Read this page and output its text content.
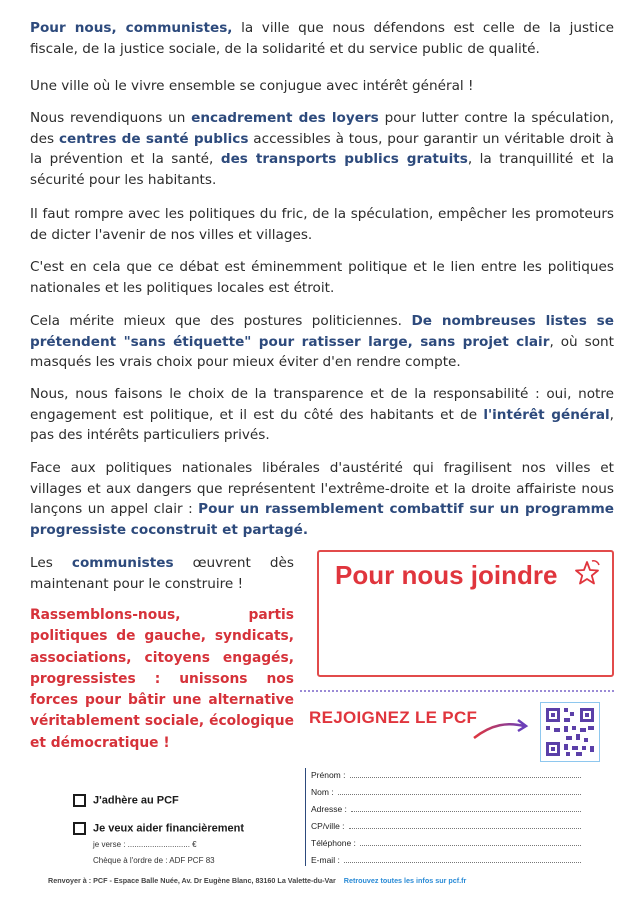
Pour nous, communistes, la ville que nous défendons est celle de la justice fiscale, de la justice sociale, de la solidarité et du service public de qualité.

Une ville où le vivre ensemble se conjugue avec intérêt général !

Nous revendiquons un encadrement des loyers pour lutter contre la spéculation, des centres de santé publics accessibles à tous, pour garantir un véritable droit à la prévention et la santé, des transports publics gratuits, la tranquillité et la sécurité pour les habitants.

Il faut rompre avec les politiques du fric, de la spéculation, empêcher les promoteurs de dicter l'avenir de nos villes et villages.

C'est en cela que ce débat est éminemment politique et le lien entre les politiques nationales et les politiques locales est étroit.

Cela mérite mieux que des postures politiciennes. De nombreuses listes se prétendent "sans étiquette" pour ratisser large, sans projet clair, où sont masqués les vrais choix pour mieux éviter d'en rendre compte.

Nous, nous faisons le choix de la transparence et de la responsabilité : oui, notre engagement est politique, et il est du côté des habitants et de l'intérêt général, pas des intérêts particuliers privés.

Face aux politiques nationales libérales d'austérité qui fragilisent nos villes et villages et aux dangers que représentent l'extrême-droite et la droite affairiste nous lançons un appel clair : Pour un rassemblement combattif sur un programme progressiste coconstruit et partagé.

Les communistes œuvrent dès maintenant pour le construire !

Rassemblons-nous, partis politiques de gauche, syndicats, associations, citoyens engagés, progressistes : unissons nos forces pour bâtir une alternative véritablement sociale, écologique et démocratique !

Pour nous joindre
REJOIGNEZ LE PCF
J'adhère au PCF
Je veux aider financièrement
je verse : ............................ €
Chèque à l'ordre de : ADF PCF 83
Prénom :
Nom :
Adresse :
CP/ville :
Téléphone :
E-mail :
Renvoyer à : PCF - Espace Balle Nuée, Av. Dr Eugène Blanc, 83160 La Valette-du-Var Retrouvez toutes les infos sur pcf.fr
